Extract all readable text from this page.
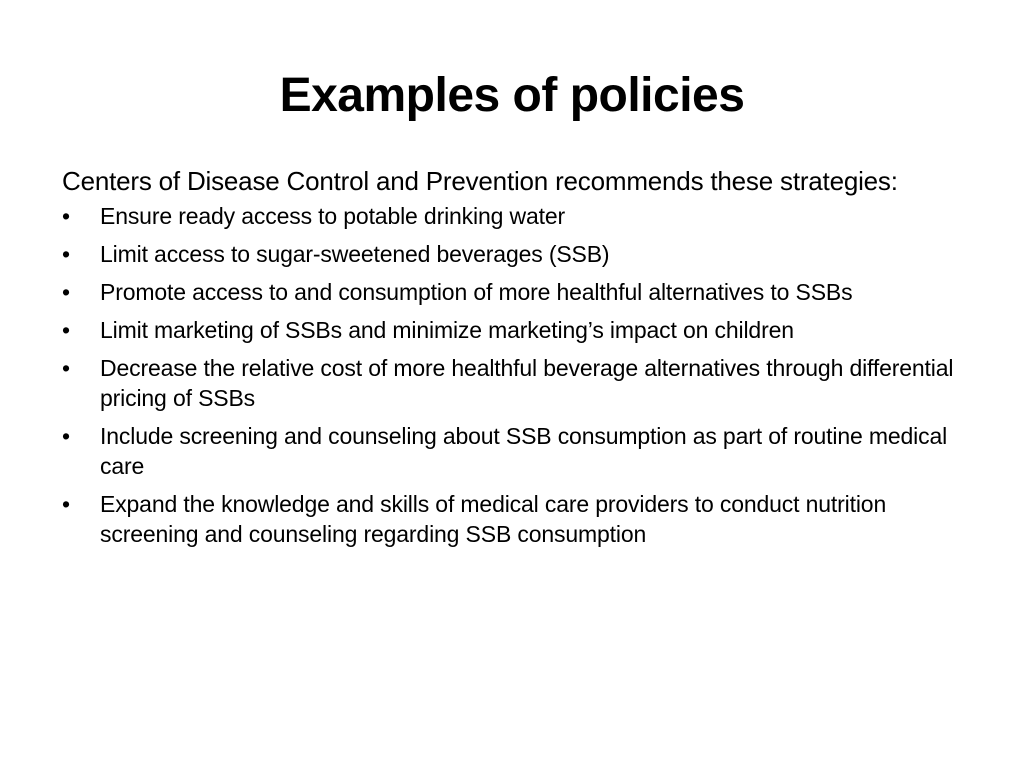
Examples of policies

Centers of Disease Control and Prevention recommends these strategies:

•	Ensure ready access to potable drinking water
•	Limit access to sugar-sweetened beverages (SSB)
•	Promote access to and consumption of more healthful alternatives to SSBs
•	Limit marketing of SSBs and minimize marketing’s impact on children
•	Decrease the relative cost of more healthful beverage alternatives through differential pricing of SSBs
•	Include screening and counseling about SSB consumption as part of routine medical care
•	Expand the knowledge and skills of medical care providers to conduct nutrition screening and counseling regarding SSB consumption
